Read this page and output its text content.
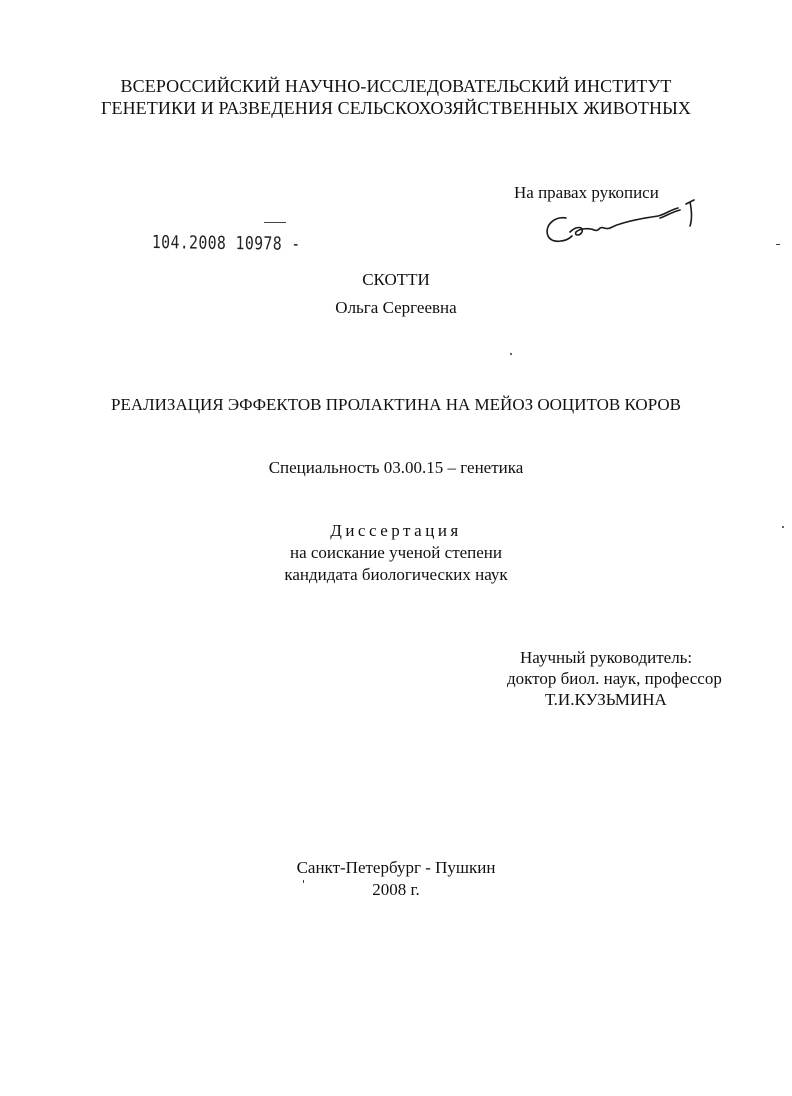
ВСЕРОССИЙСКИЙ НАУЧНО-ИССЛЕДОВАТЕЛЬСКИЙ ИНСТИТУТ
ГЕНЕТИКИ И РАЗВЕДЕНИЯ СЕЛЬСКОХОЗЯЙСТВЕННЫХ ЖИВОТНЫХ
На правах рукописи
104.2008 10978 -
СКОТТИ
Ольга Сергеевна
РЕАЛИЗАЦИЯ ЭФФЕКТОВ ПРОЛАКТИНА НА МЕЙОЗ ООЦИТОВ КОРОВ
Специальность 03.00.15 – генетика
Диссертация
на соискание ученой степени
кандидата биологических наук
Научный руководитель:
доктор биол. наук, профессор
Т.И.КУЗЬМИНА
Санкт-Петербург - Пушкин
2008 г.
